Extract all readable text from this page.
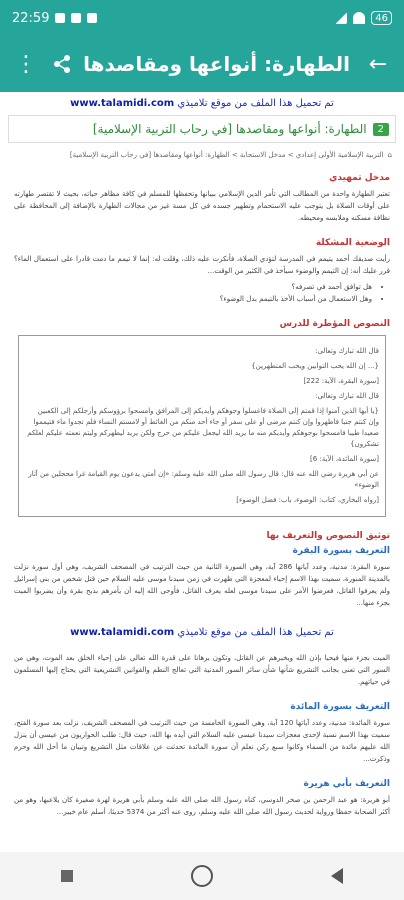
22:59	46
⋮	الطهارة: أنواعها ومقاصدها ←
تم تحميل هذا الملف من موقع تلاميذي www.talamidi.com
2
الطهارة: أنواعها ومقاصدها [في رحاب التربية الإسلامية]
⌂
التربية الإسلامية الأولى إعدادي > مدخل الاستجابة > الطهارة: أنواعها ومقاصدها [في رحاب التربية الإسلامية]
مدخل تمهيدي
تعتبر الطهارة واحدة من المطالب التي تأمر الدين الإسلامي ببيانها وتحفظها للمسلم في كافة مظاهر حياته، بحيث لا تقتصر طهارته على أوقات الصلاة بل يتوجب عليه الاستحمام وتطهير جسده في كل مسة غير من مجالات الطهارة بالإضافة إلى المحافظة على نظافة مسكنه وملابسه ومحيطه.
الوضعية المشكلة
رأيت صديقك أحمد يتيمم في المدرسة لتؤدي الصلاة، فأنكرت عليه ذلك، وقلت له: إنما لا تيمم ما دمت قادرا على استعمال الماء؟ قرر عليك أنه: إن التيمم والوضوء سيأخذ في الكثير من الوقت...
• هل توافق أحمد في تصرفه؟
• وهل الاستعمال من أسباب الأخذ بالتيمم بدل الوضوء؟
النصوص المؤطرة للدرس

قال الله تبارك وتعالى:

{... إن الله يحب التوابين ويحب المتطهرين}

[سورة البقرة، الآية: 222]

قال الله تبارك وتعالى:

{يا أيها الذين آمنوا إذا قمتم إلى الصلاة فاغسلوا وجوهكم وأيديكم إلى المرافق وامسحوا برؤوسكم وأرجلكم إلى الكعبين وإن كنتم جنبا فاطهروا وإن كنتم مرضى أو على سفر أو جاء أحد منكم من الغائط أو لامستم النساء فلم تجدوا ماء فتيمموا صعيدا طيبا فامسحوا بوجوهكم وأيديكم منه ما يريد الله ليجعل عليكم من حرج ولكن يريد ليطهركم وليتم نعمته عليكم لعلكم تشكرون}

[سورة المائدة، الآية: 6]

عن أبي هريرة رضي الله عنه قال: قال رسول الله صلى الله عليه وسلم: «إن أمتي يدعون يوم القيامة غرا محجلين من آثار الوضوء»

[رواه البخاري، كتاب: الوضوء، باب: فضل الوضوء]

توثيق النصوص والتعريف بها
التعريف بسورة البقرة
سورة البقرة: مدنية، وعدد آياتها 286 آية، وهي السورة الثانية من حيث الترتيب في المصحف الشريف، وهي أول سورة نزلت بالمدينة المنورة، سميت بهذا الاسم إحياء لمعجزة التي ظهرت في زمن سيدنا موسى عليه السلام حين قتل شخص من بني إسرائيل ولم يعرفوا القاتل، فعرضوا الأمر على سيدنا موسى لعله يعرف القاتل، فأوحى الله إليه أن يأمرهم بذبح بقرة وأن يضربوا الميت بجزء منها...
تم تحميل هذا الملف من موقع تلاميذي www.talamidi.com
الميت بجزء منها فيحيا بإذن الله ويخبرهم عن القاتل، وتكون برهانا على قدرة الله تعالى على إحياء الخلق بعد الموت، وهي من السور التي تعنى بجانب التشريع شأنها شأن سائر السور المدنية التي تعالج النظم والقوانين التشريعية التي يحتاج إليها المسلمون في حياتهم.
التعريف بسورة المائدة
سورة المائدة: مدنية، وعدد آياتها 120 آية، وهي السورة الخامسة من حيث الترتيب في المصحف الشريف، نزلت بعد سورة الفتح، سميت بهذا الاسم نسبة لإحدى معجزات سيدنا عيسى عليه السلام التي أيده بها الله، حيث قال: طلب الحواريون من عيسى أن ينزل الله عليهم مائدة من السماء وكانوا سبع ركن نعلم أن سورة المائدة تحدثت عن علاقات مثل التشريع وتبيان ما أحل الله وحرم وذكرت...
التعريف بأبي هريرة
أبو هريرة: هو عبد الرحمن بن صخر الدوسي، كناه رسول الله صلى الله عليه وسلم بأبي هريرة لهرة صغيرة كان يلاعبها، وهو من أكثر الصحابة حفظا ورواية لحديث رسول الله صلى الله عليه وسلم، روى عنه أكثر من 5374 حديثا، أسلم عام خيبر...
